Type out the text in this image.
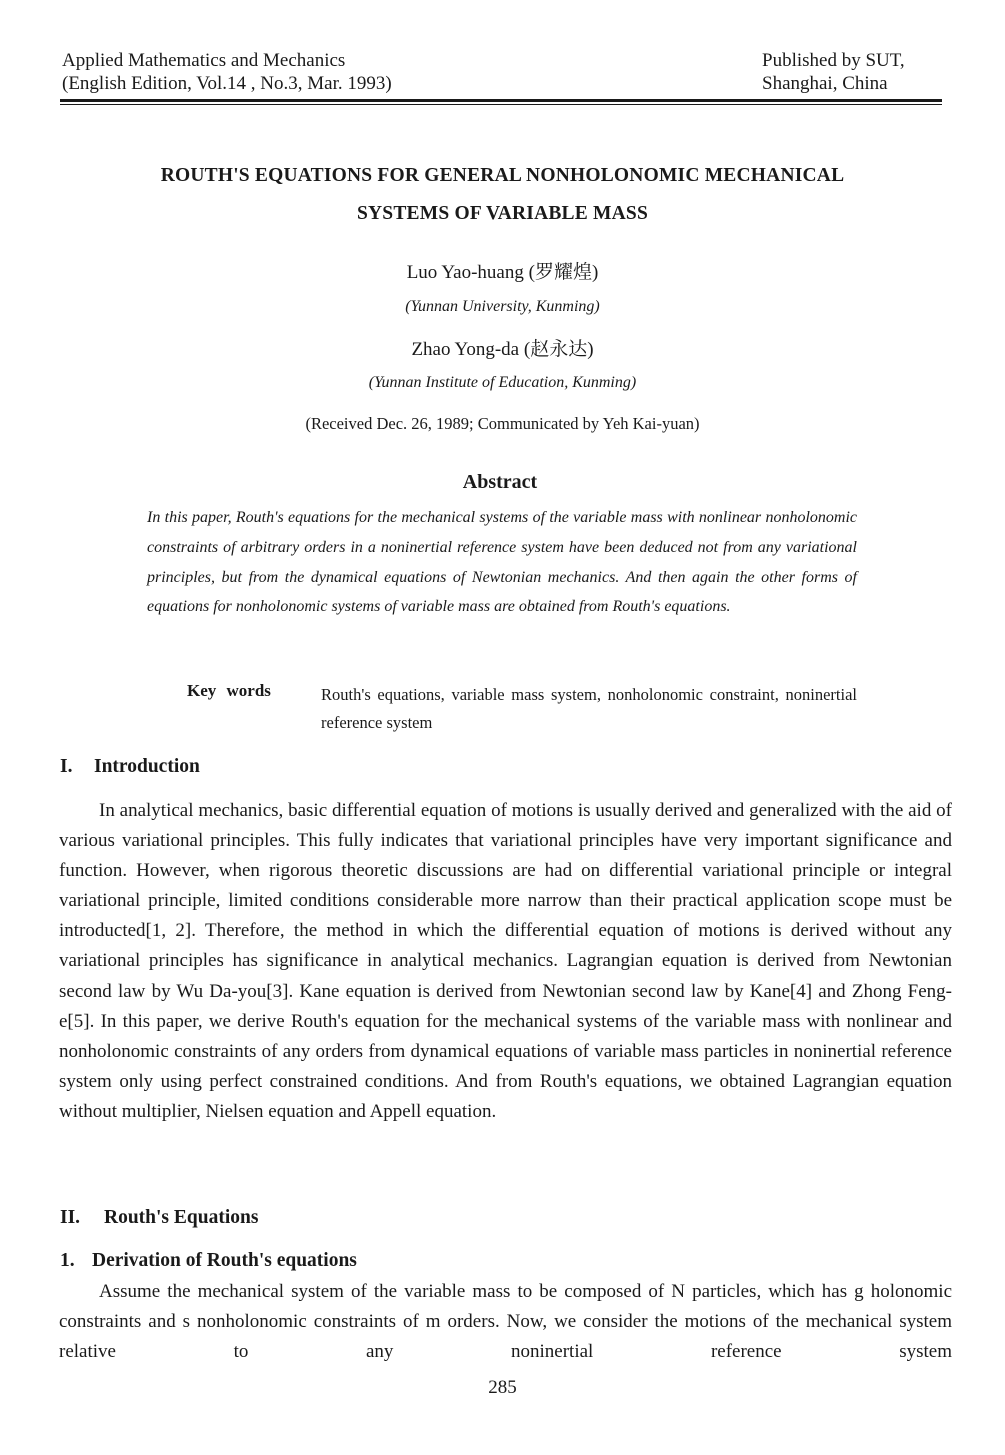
Applied Mathematics and Mechanics
(English Edition, Vol.14 , No.3, Mar. 1993)
Published by SUT,
Shanghai, China
ROUTH'S EQUATIONS FOR GENERAL NONHOLONOMIC MECHANICAL
SYSTEMS OF VARIABLE MASS
Luo Yao-huang (罗耀煌)
(Yunnan University, Kunming)
Zhao Yong-da (赵永达)
(Yunnan Institute of Education, Kunming)
(Received Dec. 26, 1989; Communicated by Yeh Kai-yuan)
Abstract
In this paper, Routh's equations for the mechanical systems of the variable mass with nonlinear nonholonomic constraints of arbitrary orders in a noninertial reference system have been deduced not from any variational principles, but from the dynamical equations of Newtonian mechanics. And then again the other forms of equations for nonholonomic systems of variable mass are obtained from Routh's equations.
Key words	Routh's equations, variable mass system, nonholonomic constraint, noninertial reference system
I. Introduction
In analytical mechanics, basic differential equation of motions is usually derived and generalized with the aid of various variational principles. This fully indicates that variational principles have very important significance and function. However, when rigorous theoretic discussions are had on differential variational principle or integral variational principle, limited conditions considerable more narrow than their practical application scope must be introducted[1, 2]. Therefore, the method in which the differential equation of motions is derived without any variational principles has significance in analytical mechanics. Lagrangian equation is derived from Newtonian second law by Wu Da-you[3]. Kane equation is derived from Newtonian second law by Kane[4] and Zhong Feng-e[5]. In this paper, we derive Routh's equation for the mechanical systems of the variable mass with nonlinear and nonholonomic constraints of any orders from dynamical equations of variable mass particles in noninertial reference system only using perfect constrained conditions. And from Routh's equations, we obtained Lagrangian equation without multiplier, Nielsen equation and Appell equation.
II. Routh's Equations
1. Derivation of Routh's equations
Assume the mechanical system of the variable mass to be composed of N particles, which has g holonomic constraints and s nonholonomic constraints of m orders. Now, we consider the motions of the mechanical system relative to any noninertial reference system
285
